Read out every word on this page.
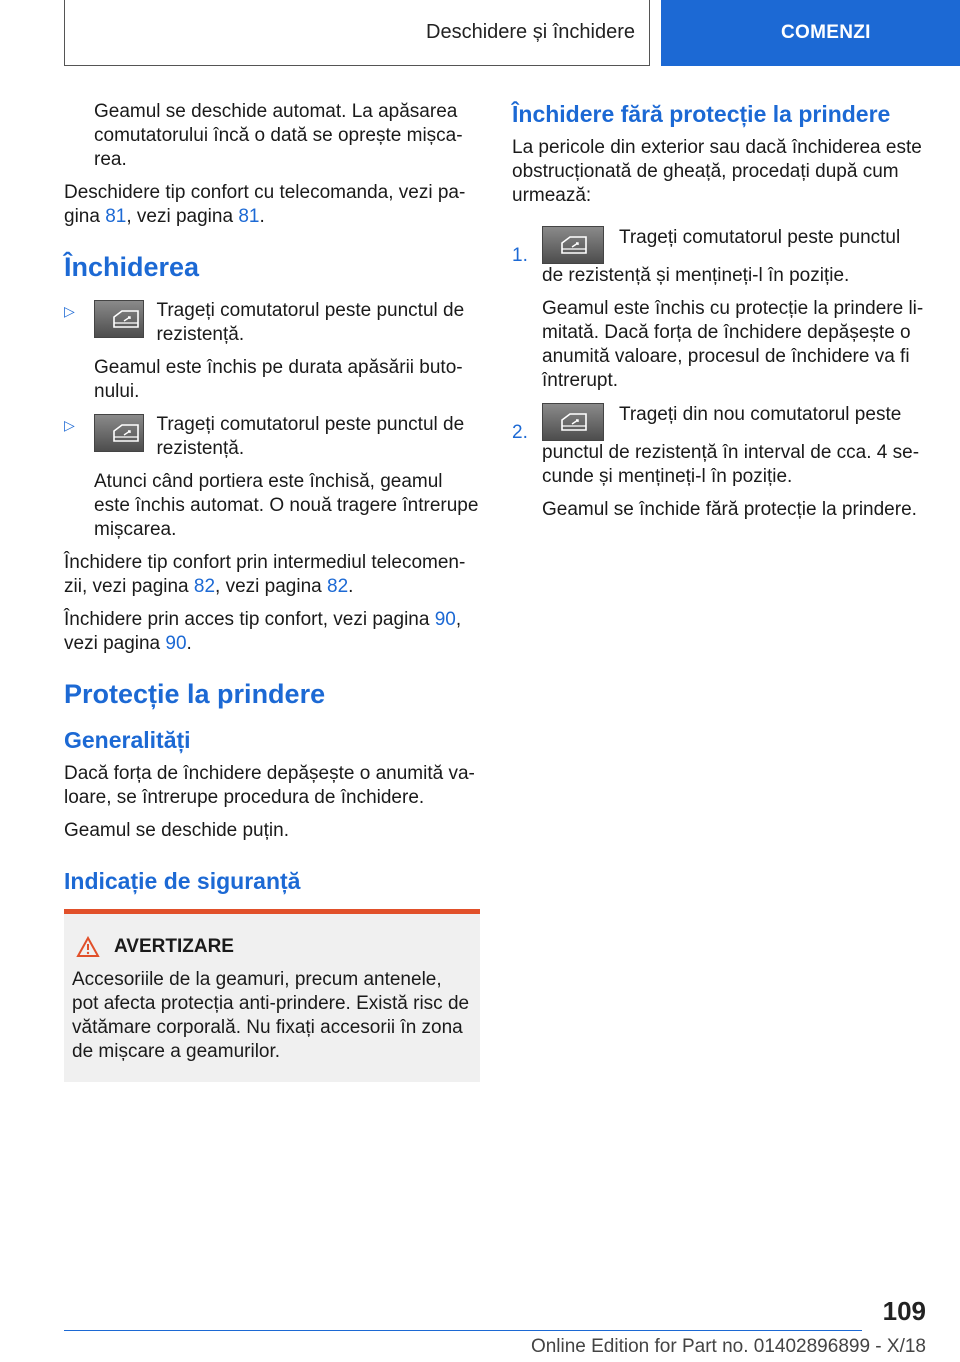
Deschidere și închidere	COMENZI

Geamul se deschide automat. La apăsarea comutatorului încă o dată se oprește mișcarea.

Deschidere tip confort cu telecomanda, vezi pagina 81, vezi pagina 81.

Închiderea
▷	Trageți comutatorul peste punctul de rezistență.

Geamul este închis pe durata apăsării butonului.

▷	Trageți comutatorul peste punctul de rezistență.

Atunci când portiera este închisă, geamul este închis automat. O nouă tragere întrerupe mișcarea.

Închidere tip confort prin intermediul telecomenzii, vezi pagina 82, vezi pagina 82.

Închidere prin acces tip confort, vezi pagina 90, vezi pagina 90.

Protecție la prindere
Generalități

Dacă forța de închidere depășește o anumită valoare, se întrerupe procedura de închidere.

Geamul se deschide puțin.

Indicație de siguranță
AVERTIZARE

Accesoriile de la geamuri, precum antenele, pot afecta protecția anti-prindere. Există risc de vătămare corporală. Nu fixați accesorii în zona de mișcare a geamurilor.

Închidere fără protecție la prindere

La pericole din exterior sau dacă închiderea este obstrucționată de gheață, procedați după cum urmează:

1.
Trageți comutatorul peste punctul de rezistență și mențineți-l în poziție.

Geamul este închis cu protecție la prindere limitată. Dacă forța de închidere depășește o anumită valoare, procesul de închidere va fi întrerupt.

2.
Trageți din nou comutatorul peste punctul de rezistență în interval de cca. 4 secunde și mențineți-l în poziție.

Geamul se închide fără protecție la prindere.

109
Online Edition for Part no. 01402896899 - X/18
